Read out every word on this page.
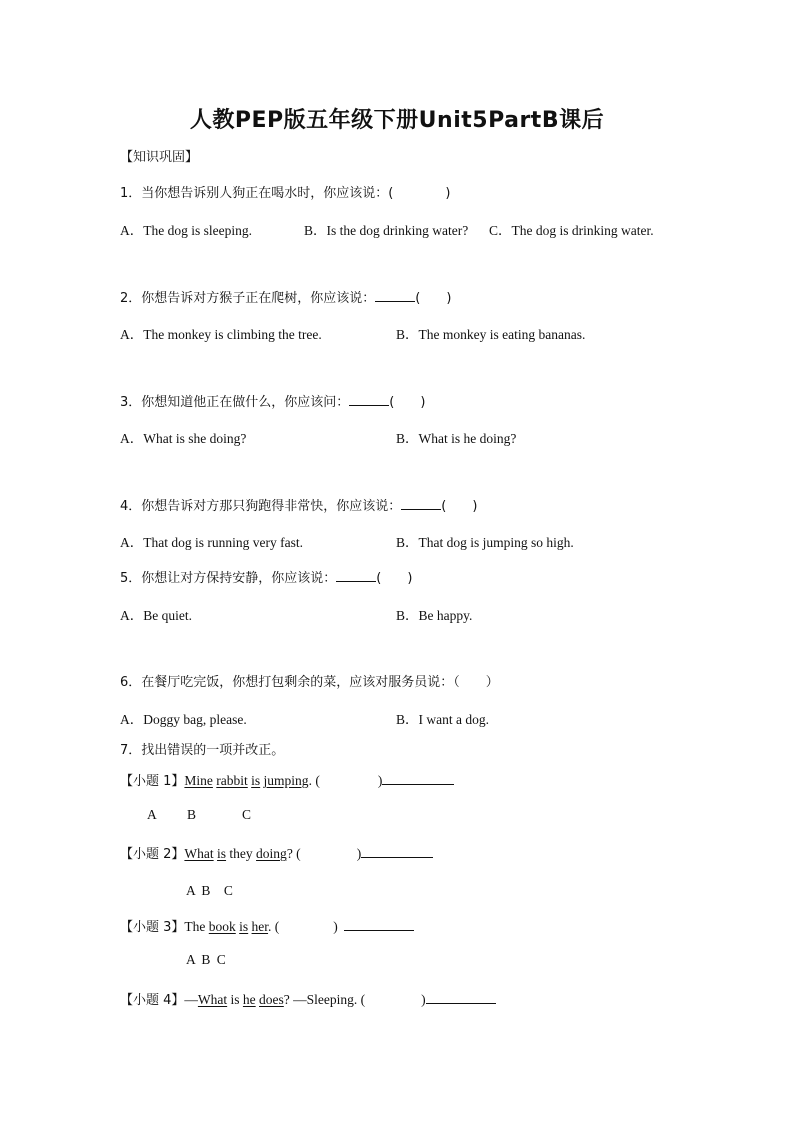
人教PEP版五年级下册Unit5PartB课后
【知识巩固】
1．当你想告诉别人狗正在喝水时，你应该说：(　　　　)
A．The dog is sleeping.	B．Is the dog drinking water? C．The dog is drinking water.
2．你想告诉对方猴子正在爬树，你应该说：	(　　)
A．The monkey is climbing the tree.	B．The monkey is eating bananas.
3．你想知道他正在做什么，你应该问：	(　　)
A．What is she doing?	B．What is he doing?
4．你想告诉对方那只狗跑得非常快，你应该说：	(　　)
A．That dog is running very fast.	B．That dog is jumping so high.
5．你想让对方保持安静，你应该说：	(　　)
A．Be quiet.	B．Be happy.
6．在餐厅吃完饭，你想打包剩余的菜，应该对服务员说：（　　）
A．Doggy bag, please.	B．I want a dog.
7．找出错误的一项并改正。
【小题 1】Mine rabbit is jumping. (	)
A B	C
【小题 2】What is they doing? (	)
A B　C
【小题 3】The book is her. (	)
A B C
【小题 4】—What is he does? —Sleeping. (	)
